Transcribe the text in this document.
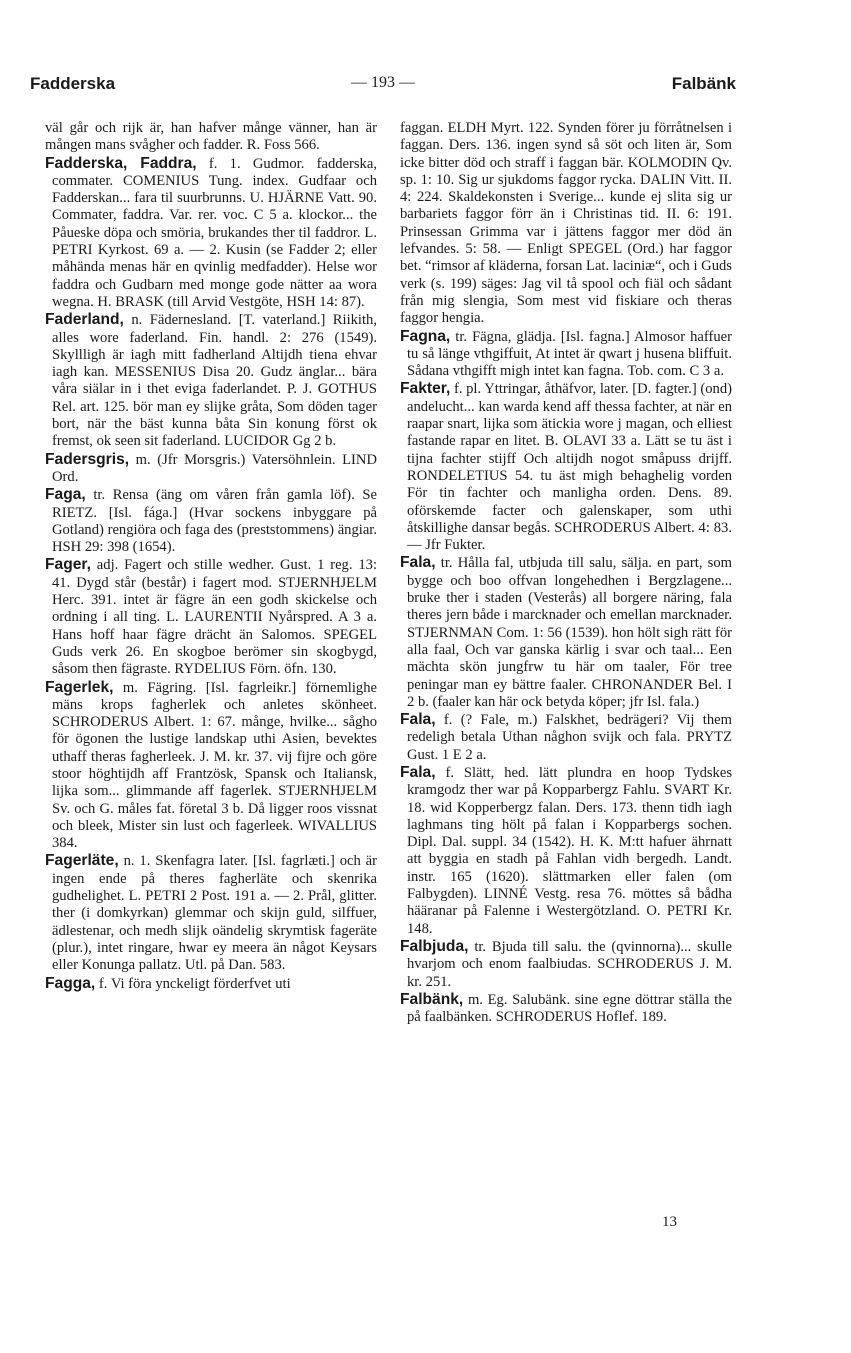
Fadderska	— 193 —	Falbänk

väl går och rijk är, han hafver månge vänner, han är mången mans svågher och fadder. R. Foss 566.

Fadderska, Faddra, f. 1. Gudmor. fadderska, commater. COMENIUS Tung. index. Gudfaar och Fadderskan... fara til suurbrunns. U. HJÄRNE Vatt. 90. Commater, faddra. Var. rer. voc. C 5 a. klockor... the Påueske döpa och smöria, brukandes ther til faddror. L. PETRI Kyrkost. 69 a. — 2. Kusin (se Fadder 2; eller måhända menas här en qvinlig medfadder). Helse wor faddra och Gudbarn med monge gode nätter aa wora wegna. H. BRASK (till Arvid Vestgöte, HSH 14: 87).

Faderland, n. Fädernesland. [T. vaterland.] Riikith, alles wore faderland. Fin. handl. 2: 276 (1549). Skyllligh är iagh mitt fadherland Altijdh tiena ehvar iagh kan. MESSENIUS Disa 20. Gudz änglar... bära våra siälar in i thet eviga faderlandet. P. J. GOTHUS Rel. art. 125. bör man ey slijke gråta, Som döden tager bort, när the bäst kunna båta Sin konung först ok fremst, ok seen sit faderland. LUCIDOR Gg 2 b.

Fadersgris, m. (Jfr Morsgris.) Vatersöhnlein. LIND Ord.

Faga, tr. Rensa (äng om våren från gamla löf). Se RIETZ. [Isl. fága.] (Hvar sockens inbyggare på Gotland) rengiöra och faga des (preststommens) ängiar. HSH 29: 398 (1654).

Fager, adj. Fagert och stille wedher. Gust. 1 reg. 13: 41. Dygd står (består) i fagert mod. STJERNHJELM Herc. 391. intet är fägre än een godh skickelse och ordning i all ting. L. LAURENTII Nyårspred. A 3 a. Hans hoff haar fägre drächt än Salomos. SPEGEL Guds verk 26. En skogboe berömer sin skogbygd, såsom then fägraste. RYDELIUS Förn. öfn. 130.

Fagerlek, m. Fägring. [Isl. fagrleikr.] förnemlighe mäns krops fagherlek och anletes skönheet. SCHRODERUS Albert. 1: 67. månge, hvilke... sågho för ögonen the lustige landskap uthi Asien, bevektes uthaff theras fagherleek. J. M. kr. 37. vij fijre och göre stoor höghtijdh aff Frantzösk, Spansk och Italiansk, lijka som... glimmande aff fagerlek. STJERNHJELM Sv. och G. måles fat. företal 3 b. Då ligger roos vissnat och bleek, Mister sin lust och fagerleek. WIVALLIUS 384.

Fagerläte, n. 1. Skenfagra later. [Isl. fagrlæti.] och är ingen ende på theres fagherläte och skenrika gudhelighet. L. PETRI 2 Post. 191 a. — 2. Prål, glitter. ther (i domkyrkan) glemmar och skijn guld, silffuer, ädlestenar, och medh slijk oändelig skrymtisk fageräte (plur.), intet ringare, hwar ey meera än något Keysars eller Konunga pallatz. Utl. på Dan. 583.

Fagga, f. Vi föra ynckeligt förderfvet uti

faggan. ELDH Myrt. 122. Synden förer ju förråtnelsen i faggan. Ders. 136. ingen synd så söt och liten är, Som icke bitter död och straff i faggan bär. KOLMODIN Qv. sp. 1: 10. Sig ur sjukdoms faggor rycka. DALIN Vitt. II. 4: 224. Skaldekonsten i Sverige... kunde ej slita sig ur barbariets faggor förr än i Christinas tid. II. 6: 191. Prinsessan Grimma var i jättens faggor mer död än lefvandes. 5: 58. — Enligt SPEGEL (Ord.) har faggor bet. “rimsor af kläderna, forsan Lat. laciniæ“, och i Guds verk (s. 199) säges: Jag vil tå spool och fiäl och sådant från mig slengia, Som mest vid fiskiare och theras faggor hengia.

Fagna, tr. Fägna, glädja. [Isl. fagna.] Almosor haffuer tu så länge vthgiffuit, At intet är qwart j husena bliffuit. Sådana vthgifft migh intet kan fagna. Tob. com. C 3 a.

Fakter, f. pl. Yttringar, åthäfvor, later. [D. fagter.] (ond) andelucht... kan warda kend aff thessa fachter, at när en raapar snart, lijka som ätickia wore j magan, och elliest fastande rapar en litet. B. OLAVI 33 a. Lätt se tu äst i tijna fachter stijff Och altijdh nogot småpuss drijff. RONDELETIUS 54. tu äst migh behaghelig vorden För tin fachter och manligha orden. Dens. 89. oförskemde facter och galenskaper, som uthi åtskillighe dansar begås. SCHRODERUS Albert. 4: 83. — Jfr Fukter.

Fala, tr. Hålla fal, utbjuda till salu, sälja. en part, som bygge och boo offvan longehedhen i Bergzlagene... bruke ther i staden (Vesterås) all borgere näring, fala theres jern både i marcknader och emellan marcknader. STJERNMAN Com. 1: 56 (1539). hon hölt sigh rätt för alla faal, Och var ganska kärlig i svar och taal... Een mächta skön jungfrw tu här om taaler, För tree peningar man ey bättre faaler. CHRONANDER Bel. I 2 b. (faaler kan här ock betyda köper; jfr Isl. fala.)

Fala, f. (? Fale, m.) Falskhet, bedrägeri? Vij them redeligh betala Uthan någhon svijk och fala. PRYTZ Gust. 1 E 2 a.

Fala, f. Slätt, hed. lätt plundra en hoop Tydskes kramgodz ther war på Kopparbergz Fahlu. SVART Kr. 18. wid Kopperbergz falan. Ders. 173. thenn tidh iagh laghmans ting hölt på falan i Kopparbergs sochen. Dipl. Dal. suppl. 34 (1542). H. K. M:tt hafuer ährnatt att byggia en stadh på Fahlan vidh bergedh. Landt. instr. 165 (1620). slättmarken eller falen (om Falbygden). LINNÉ Vestg. resa 76. möttes så bådha hääranar på Falenne i Westergötzland. O. PETRI Kr. 148.

Falbjuda, tr. Bjuda till salu. the (qvinnorna)... skulle hvarjom och enom faalbiudas. SCHRODERUS J. M. kr. 251.

Falbänk, m. Eg. Salubänk. sine egne döttrar ställa the på faalbänken. SCHRODERUS Hoflef. 189.

13
